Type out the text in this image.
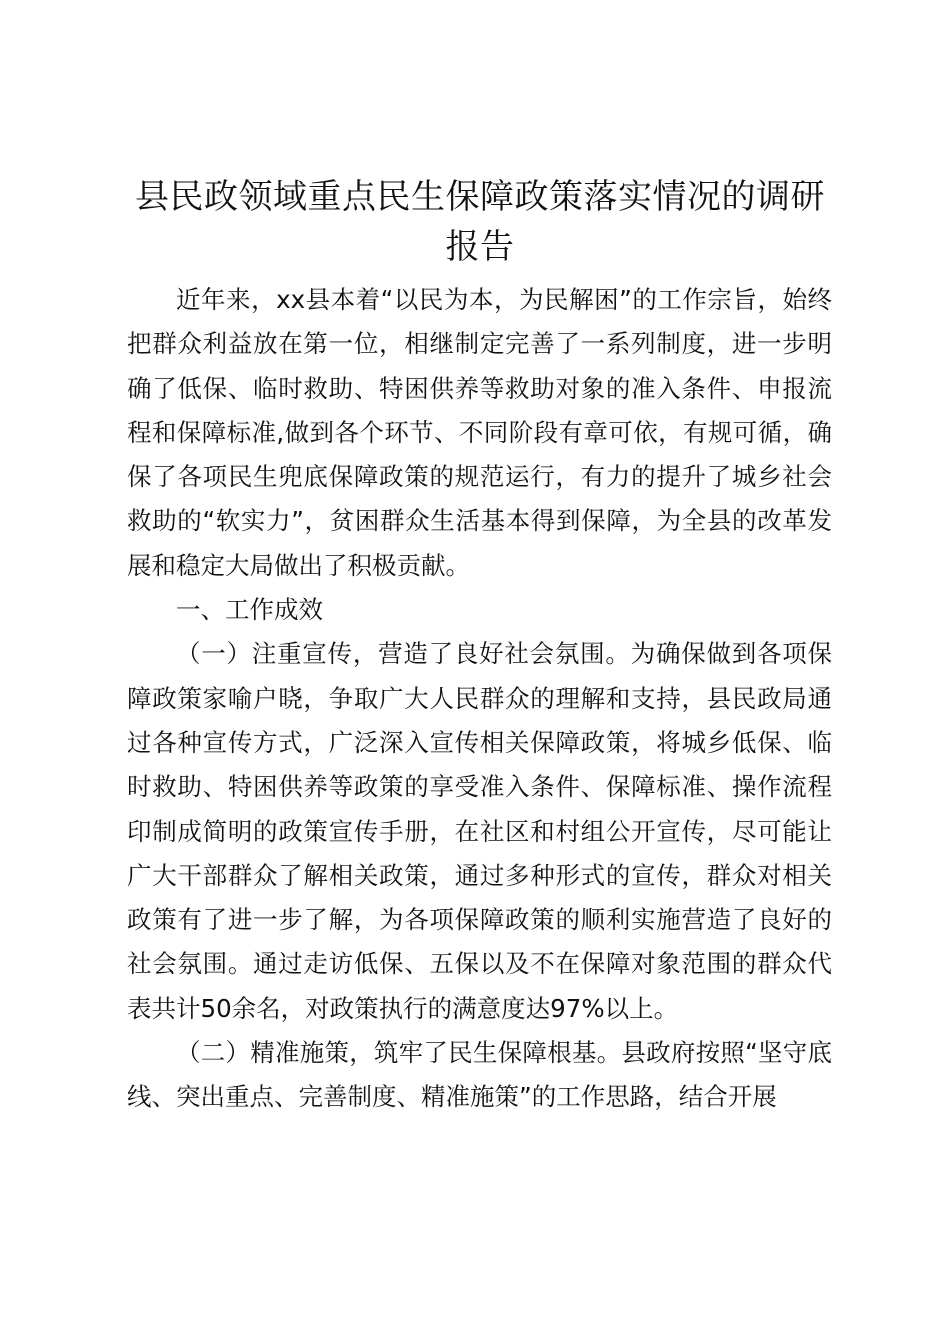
县民政领域重点民生保障政策落实情况的调研报告

近年来，xx县本着“以民为本，为民解困”的工作宗旨，始终把群众利益放在第一位，相继制定完善了一系列制度，进一步明确了低保、临时救助、特困供养等救助对象的准入条件、申报流程和保障标准,做到各个环节、不同阶段有章可依，有规可循，确保了各项民生兜底保障政策的规范运行，有力的提升了城乡社会救助的“软实力”，贫困群众生活基本得到保障，为全县的改革发展和稳定大局做出了积极贡献。

一、工作成效

（一）注重宣传，营造了良好社会氛围。为确保做到各项保障政策家喻户晓，争取广大人民群众的理解和支持，县民政局通过各种宣传方式，广泛深入宣传相关保障政策，将城乡低保、临时救助、特困供养等政策的享受准入条件、保障标准、操作流程印制成简明的政策宣传手册，在社区和村组公开宣传，尽可能让广大干部群众了解相关政策，通过多种形式的宣传，群众对相关政策有了进一步了解，为各项保障政策的顺利实施营造了良好的社会氛围。通过走访低保、五保以及不在保障对象范围的群众代表共计50余名，对政策执行的满意度达97%以上。

（二）精准施策，筑牢了民生保障根基。县政府按照“坚守底线、突出重点、完善制度、精准施策”的工作思路，结合开展
